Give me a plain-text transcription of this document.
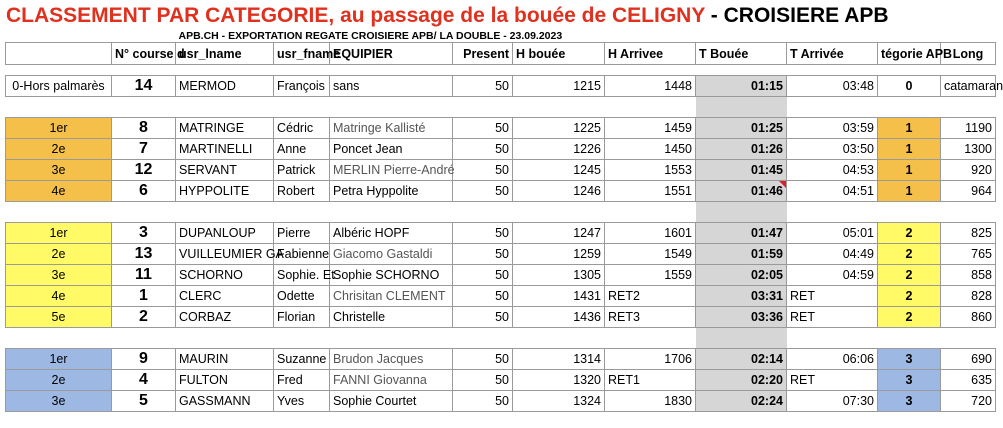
CLASSEMENT PAR CATEGORIE, au passage de la bouée de CELIGNY - CROISIERE APB
		APB.CH - EXPORTATION REGATE CROISIERE APB/ LA DOUBLE - 23.09.2023									
	N° course d	usr_lname	usr_fname	EQUIPIER	Present	H bouée	H Arrivee	T Bouée	T Arrivée	tégorie APB	Long

0-Hors palmarès	14	MERMOD	François	sans	50	1215	1448	01:15	03:48	0	catamaran

1er	8	MATRINGE	Cédric	Matringe Kallisté	50	1225	1459	01:25	03:59	1	1190
2e	7	MARTINELLI	Anne	Poncet Jean	50	1226	1450	01:26	03:50	1	1300
3e	12	SERVANT	Patrick	MERLIN Pierre-André	50	1245	1553	01:45	04:53	1	920
4e	6	HYPPOLITE	Robert	Petra Hyppolite	50	1246	1551	01:46	04:51	1	964

1er	3	DUPANLOUP	Pierre	Albéric HOPF	50	1247	1601	01:47	05:01	2	825
2e	13	VUILLEUMIER GA	Fabienne	Giacomo Gastaldi	50	1259	1549	01:59	04:49	2	765
3e	11	SCHORNO	Sophie. Et	Sophie SCHORNO	50	1305	1559	02:05	04:59	2	858
4e	1	CLERC	Odette	Chrisitan CLEMENT	50	1431	RET2	03:31	RET	2	828
5e	2	CORBAZ	Florian	Christelle	50	1436	RET3	03:36	RET	2	860

1er	9	MAURIN	Suzanne	Brudon Jacques	50	1314	1706	02:14	06:06	3	690
2e	4	FULTON	Fred	FANNI Giovanna	50	1320	RET1	02:20	RET	3	635
3e	5	GASSMANN	Yves	Sophie Courtet	50	1324	1830	02:24	07:30	3	720
